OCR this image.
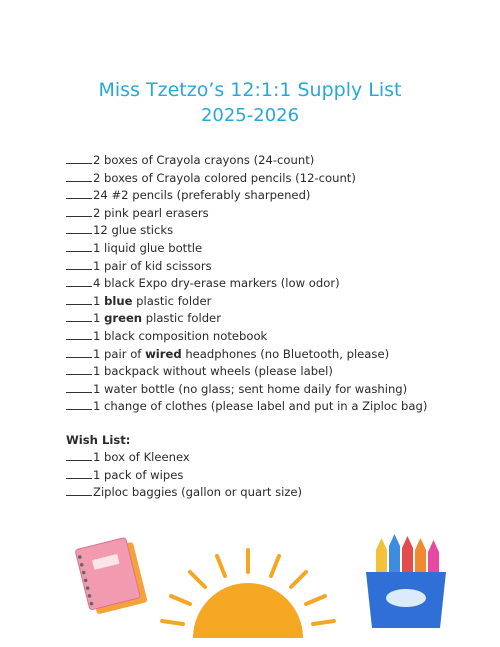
Miss Tzetzo’s 12:1:1 Supply List
2025-2026
2 boxes of Crayola crayons (24-count)
2 boxes of Crayola colored pencils (12-count)
24 #2 pencils (preferably sharpened)
2 pink pearl erasers
12 glue sticks
1 liquid glue bottle
1 pair of kid scissors
4 black Expo dry-erase markers (low odor)
1 blue plastic folder
1 green plastic folder
1 black composition notebook
1 pair of wired headphones (no Bluetooth, please)
1 backpack without wheels (please label)
1 water bottle (no glass; sent home daily for washing)
1 change of clothes (please label and put in a Ziploc bag)
Wish List:
1 box of Kleenex
1 pack of wipes
Ziploc baggies (gallon or quart size)
